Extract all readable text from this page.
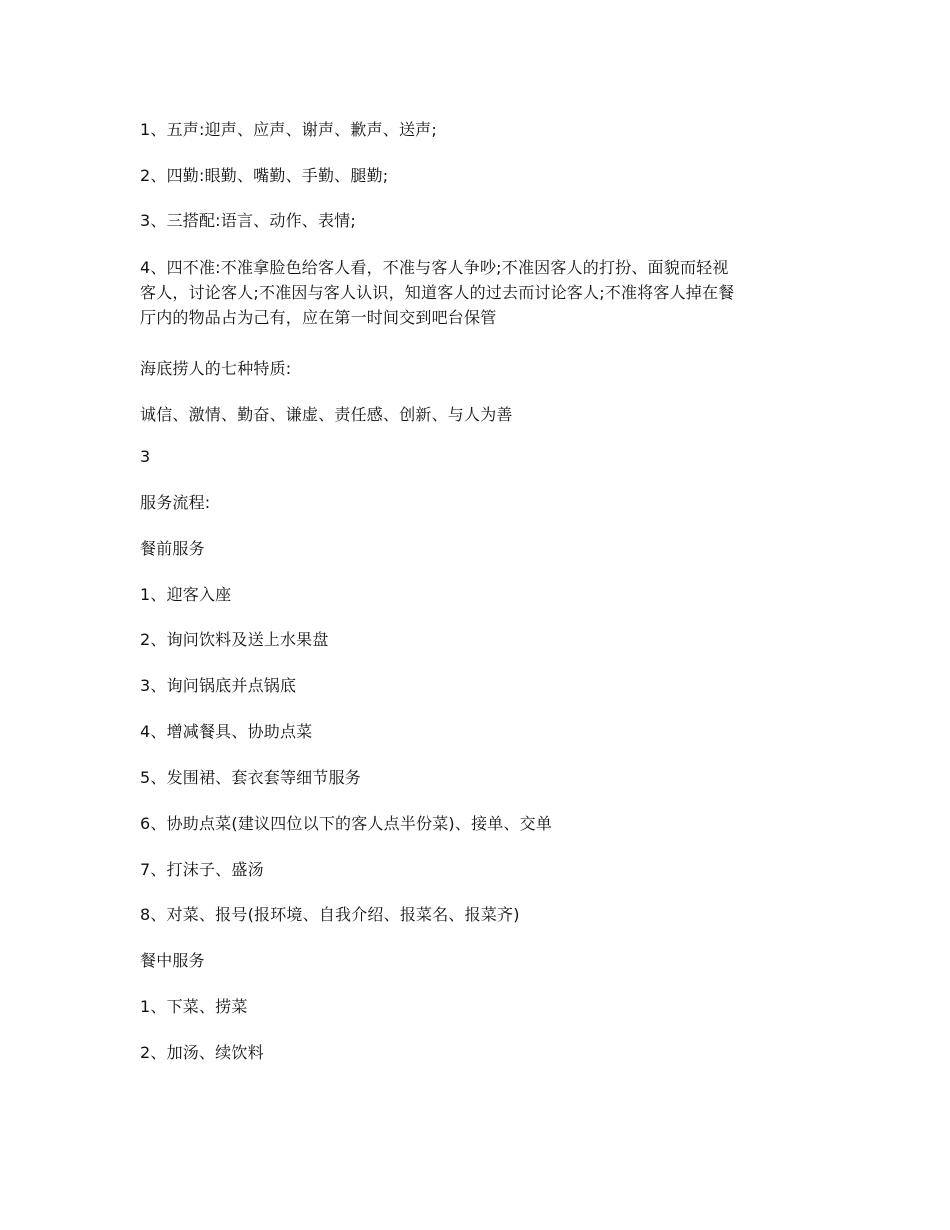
1、五声:迎声、应声、谢声、歉声、送声;
2、四勤:眼勤、嘴勤、手勤、腿勤;
3、三搭配:语言、动作、表情;
4、四不准:不准拿脸色给客人看，不准与客人争吵;不准因客人的打扮、面貌而轻视
客人，讨论客人;不准因与客人认识，知道客人的过去而讨论客人;不准将客人掉在餐
厅内的物品占为己有，应在第一时间交到吧台保管
海底捞人的七种特质:
诚信、激情、勤奋、谦虚、责任感、创新、与人为善
3
服务流程:
餐前服务
1、迎客入座
2、询问饮料及送上水果盘
3、询问锅底并点锅底
4、增减餐具、协助点菜
5、发围裙、套衣套等细节服务
6、协助点菜(建议四位以下的客人点半份菜)、接单、交单
7、打沫子、盛汤
8、对菜、报号(报环境、自我介绍、报菜名、报菜齐)
餐中服务
1、下菜、捞菜
2、加汤、续饮料
